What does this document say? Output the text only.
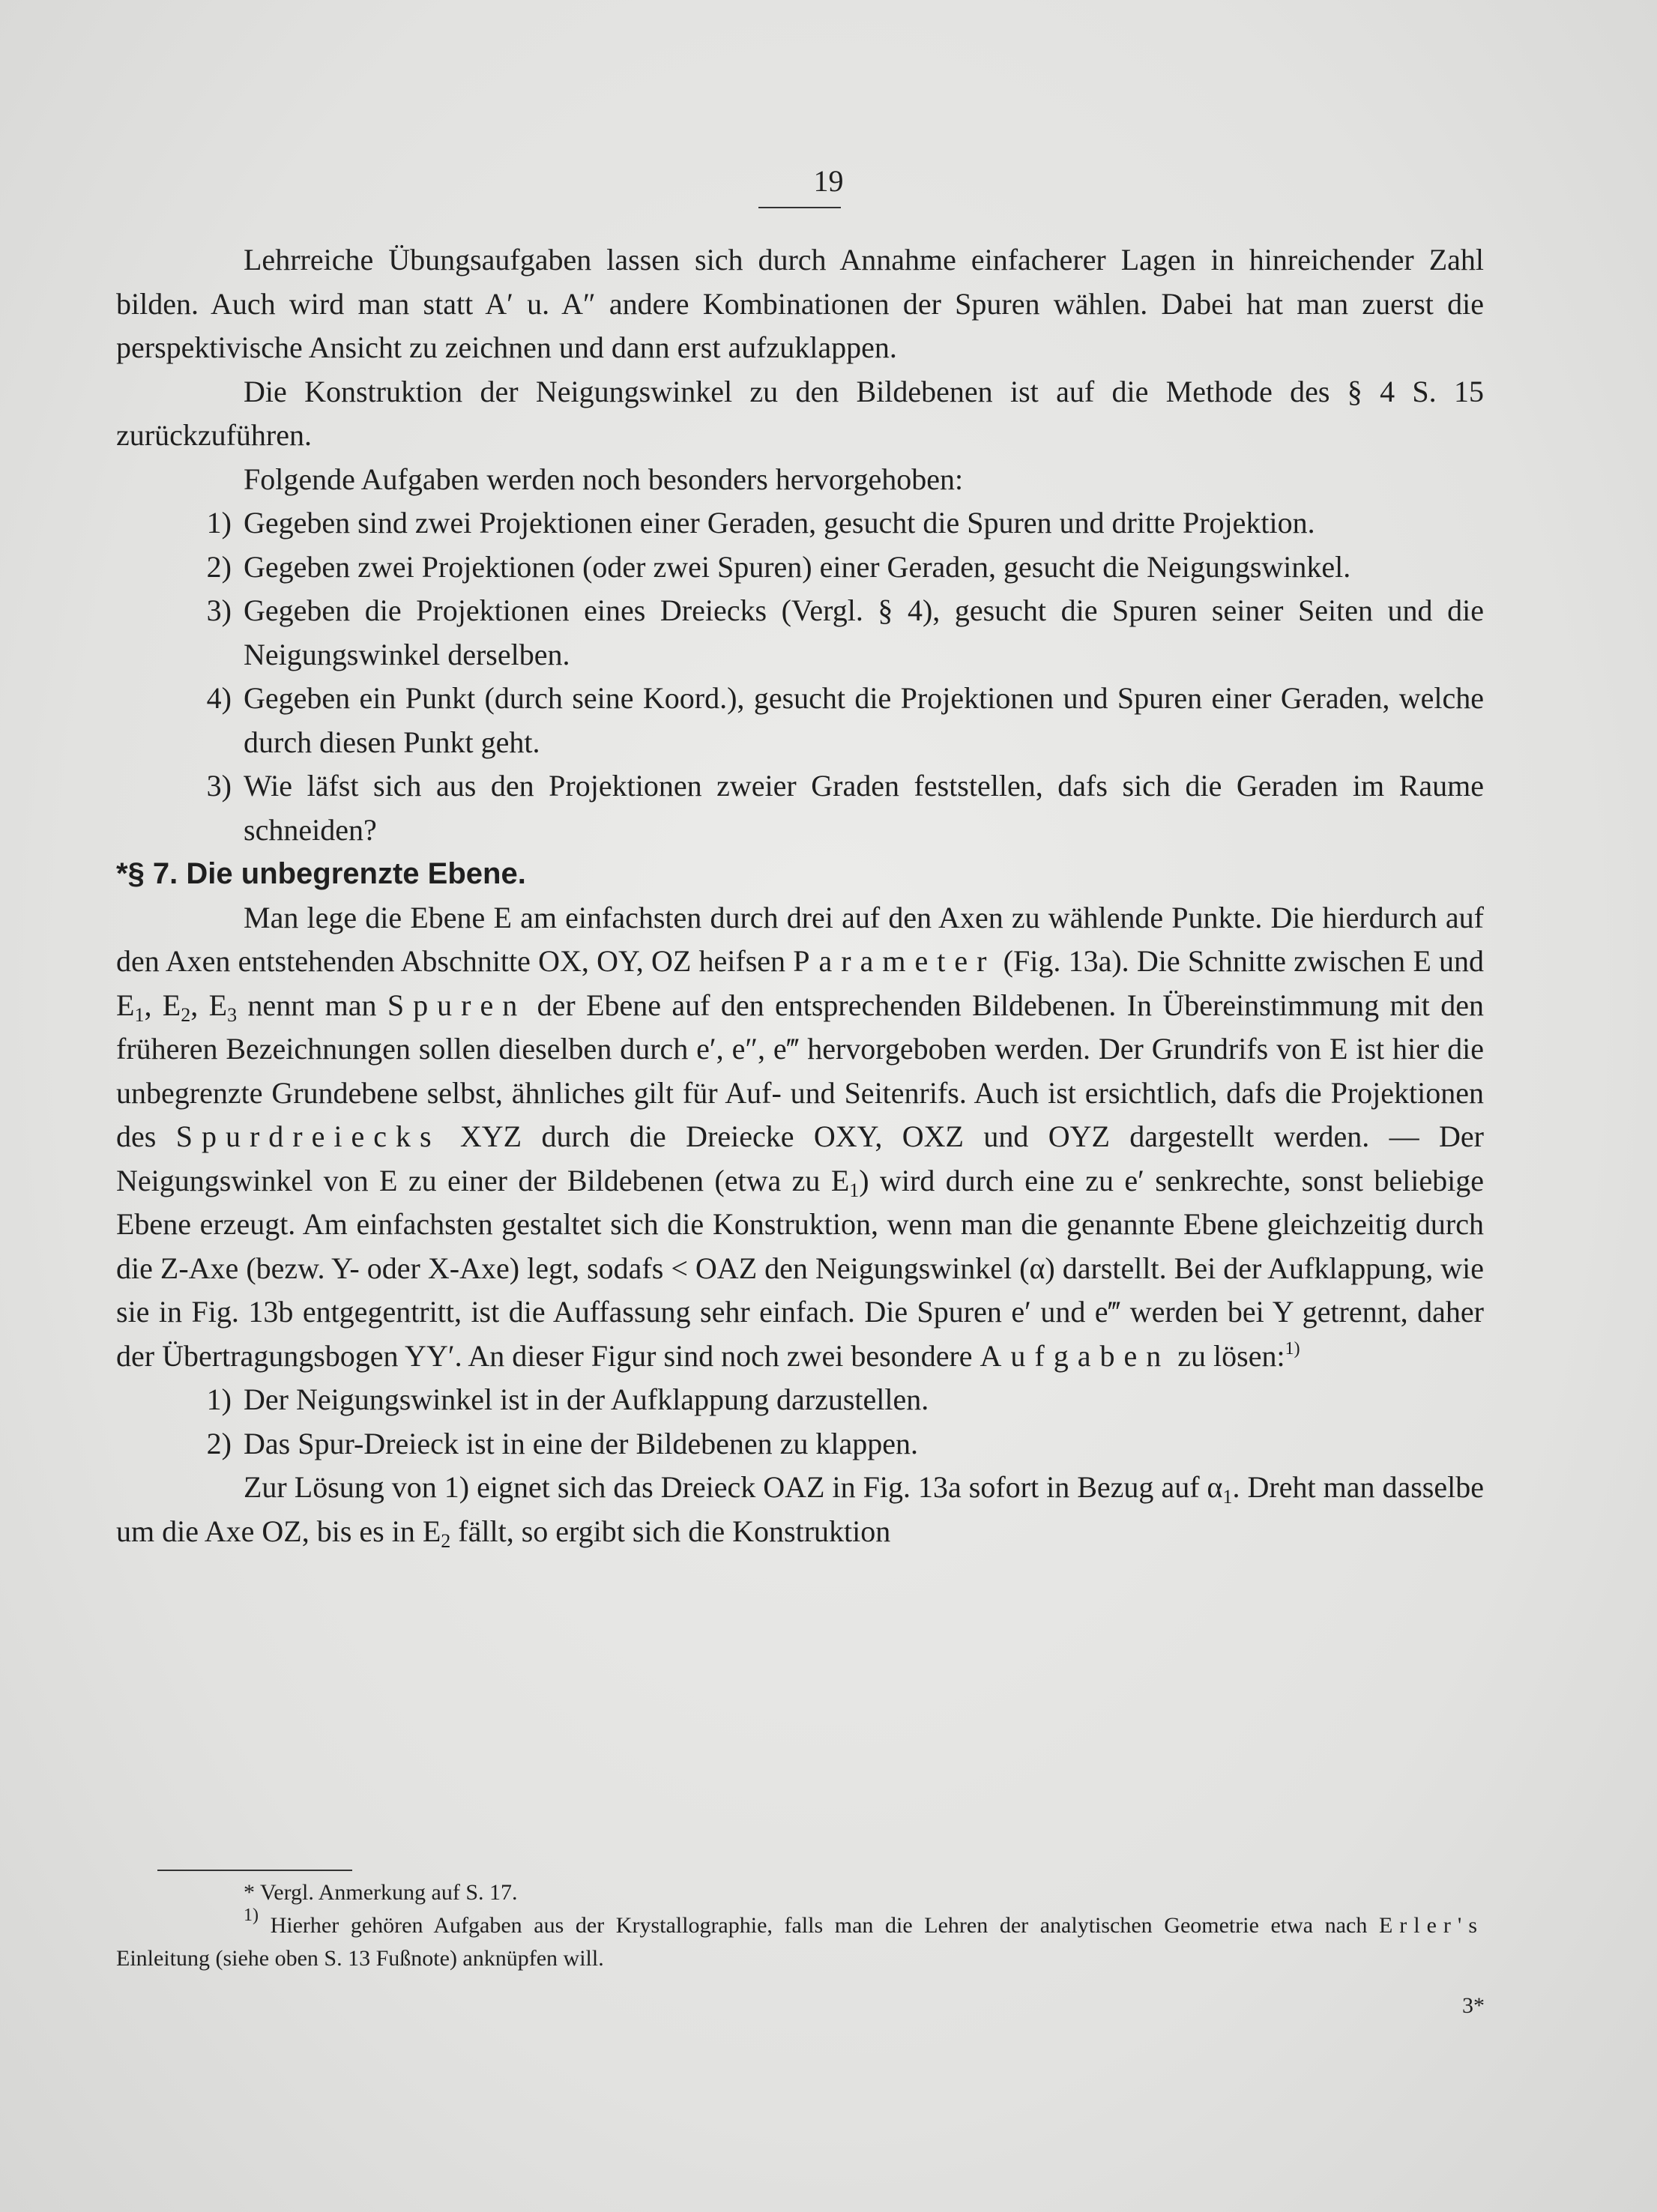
19

Lehrreiche Übungsaufgaben lassen sich durch Annahme einfacherer Lagen in hinreichender Zahl bilden. Auch wird man statt A′ u. A″ andere Kombinationen der Spuren wählen. Dabei hat man zuerst die perspektivische Ansicht zu zeichnen und dann erst aufzuklappen.

Die Konstruktion der Neigungswinkel zu den Bildebenen ist auf die Methode des § 4 S. 15 zurückzuführen.

Folgende Aufgaben werden noch besonders hervorgehoben:

1) Gegeben sind zwei Projektionen einer Geraden, gesucht die Spuren und dritte Projektion.
2) Gegeben zwei Projektionen (oder zwei Spuren) einer Geraden, gesucht die Neigungswinkel.
3) Gegeben die Projektionen eines Dreiecks (Vergl. § 4), gesucht die Spuren seiner Seiten und die Neigungswinkel derselben.
4) Gegeben ein Punkt (durch seine Koord.), gesucht die Projektionen und Spuren einer Geraden, welche durch diesen Punkt geht.
3) Wie läfst sich aus den Projektionen zweier Graden feststellen, dafs sich die Geraden im Raume schneiden?

*§ 7. Die unbegrenzte Ebene.

Man lege die Ebene E am einfachsten durch drei auf den Axen zu wählende Punkte. Die hierdurch auf den Axen entstehenden Abschnitte OX, OY, OZ heifsen Parameter (Fig. 13a). Die Schnitte zwischen E und $E_1$, $E_2$, $E_3$ nennt man Spuren der Ebene auf den entsprechenden Bildebenen. In Übereinstimmung mit den früheren Bezeichnungen sollen dieselben durch e′, e″, e‴ hervorgeboben werden. Der Grundrifs von E ist hier die unbegrenzte Grundebene selbst, ähnliches gilt für Auf- und Seitenrifs. Auch ist ersichtlich, dafs die Projektionen des Spurdreiecks XYZ durch die Dreiecke OXY, OXZ und OYZ dargestellt werden. — Der Neigungswinkel von E zu einer der Bildebenen (etwa zu $E_1$) wird durch eine zu e′ senkrechte, sonst beliebige Ebene erzeugt. Am einfachsten gestaltet sich die Konstruktion, wenn man die genannte Ebene gleichzeitig durch die Z-Axe (bezw. Y- oder X-Axe) legt, sodafs < OAZ den Neigungswinkel (α) darstellt. Bei der Aufklappung, wie sie in Fig. 13b entgegentritt, ist die Auffassung sehr einfach. Die Spuren e′ und e‴ werden bei Y getrennt, daher der Übertragungsbogen YY′. An dieser Figur sind noch zwei besondere Aufgaben zu lösen:$^{1)}$

1) Der Neigungswinkel ist in der Aufklappung darzustellen.
2) Das Spur-Dreieck ist in eine der Bildebenen zu klappen.

Zur Lösung von 1) eignet sich das Dreieck OAZ in Fig. 13a sofort in Bezug auf $\alpha_1$. Dreht man dasselbe um die Axe OZ, bis es in $E_2$ fällt, so ergibt sich die Konstruktion

* Vergl. Anmerkung auf S. 17.

$^{1)}$ Hierher gehören Aufgaben aus der Krystallographie, falls man die Lehren der analytischen Geometrie etwa nach Erler's Einleitung (siehe oben S. 13 Fußnote) anknüpfen will.

3*
